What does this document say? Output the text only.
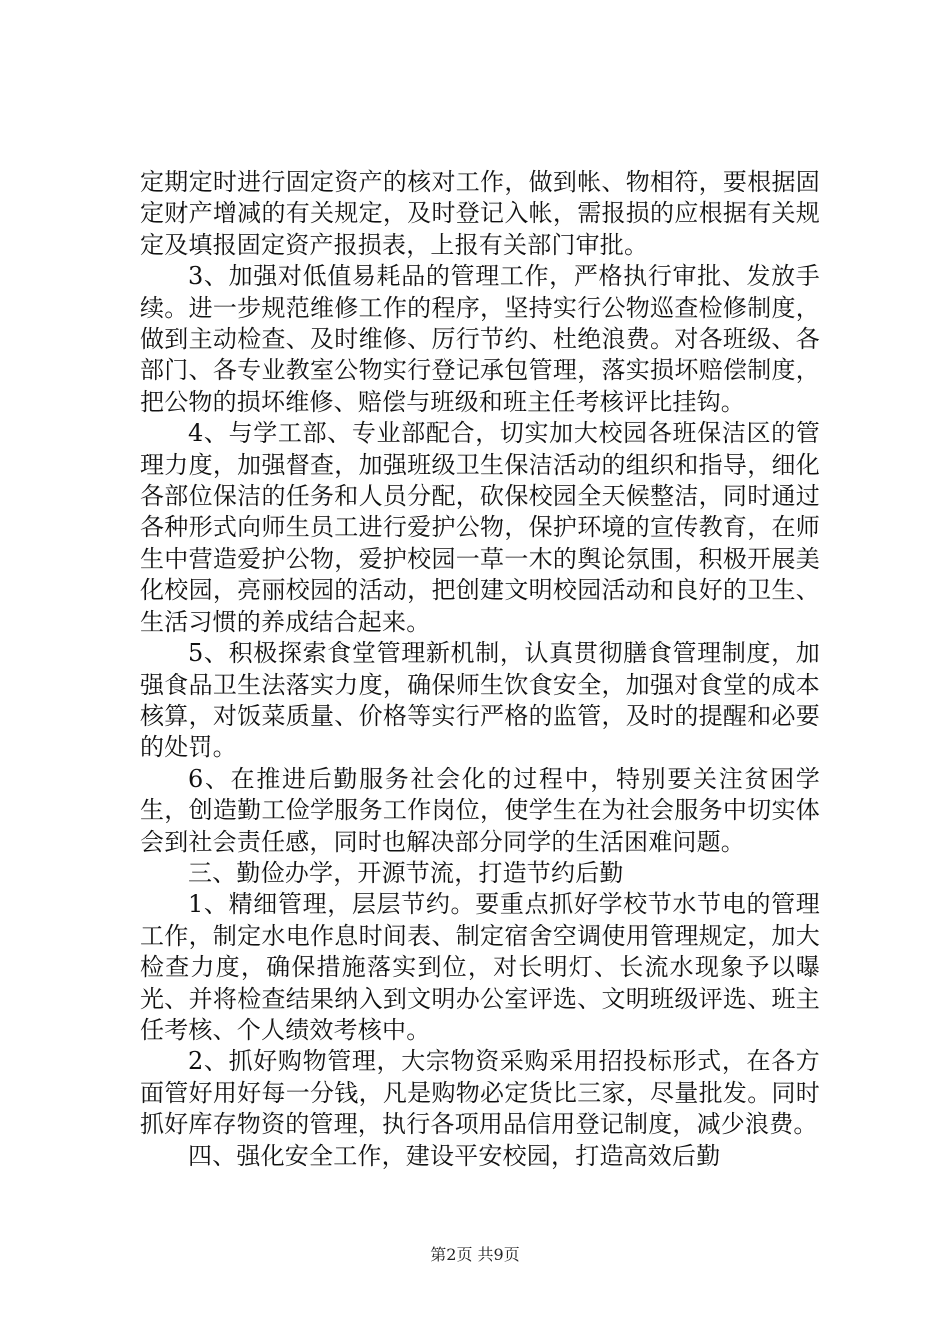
定期定时进行固定资产的核对工作，做到帐、物相符，要根据固定财产增减的有关规定，及时登记入帐，需报损的应根据有关规定及填报固定资产报损表，上报有关部门审批。

3、加强对低值易耗品的管理工作，严格执行审批、发放手续。进一步规范维修工作的程序，坚持实行公物巡查检修制度，做到主动检查、及时维修、厉行节约、杜绝浪费。对各班级、各部门、各专业教室公物实行登记承包管理，落实损坏赔偿制度，把公物的损坏维修、赔偿与班级和班主任考核评比挂钩。

4、与学工部、专业部配合，切实加大校园各班保洁区的管理力度，加强督查，加强班级卫生保洁活动的组织和指导，细化各部位保洁的任务和人员分配，砍保校园全天候整洁，同时通过各种形式向师生员工进行爱护公物，保护环境的宣传教育，在师生中营造爱护公物，爱护校园一草一木的舆论氛围，积极开展美化校园，亮丽校园的活动，把创建文明校园活动和良好的卫生、生活习惯的养成结合起来。

5、积极探索食堂管理新机制，认真贯彻膳食管理制度，加强食品卫生法落实力度，确保师生饮食安全，加强对食堂的成本核算，对饭菜质量、价格等实行严格的监管，及时的提醒和必要的处罚。

6、在推进后勤服务社会化的过程中，特别要关注贫困学生，创造勤工俭学服务工作岗位，使学生在为社会服务中切实体会到社会责任感，同时也解决部分同学的生活困难问题。

三、勤俭办学，开源节流，打造节约后勤

1、精细管理，层层节约。要重点抓好学校节水节电的管理工作，制定水电作息时间表、制定宿舍空调使用管理规定，加大检查力度，确保措施落实到位，对长明灯、长流水现象予以曝光、并将检查结果纳入到文明办公室评选、文明班级评选、班主任考核、个人绩效考核中。

2、抓好购物管理，大宗物资采购采用招投标形式，在各方面管好用好每一分钱，凡是购物必定货比三家，尽量批发。同时抓好库存物资的管理，执行各项用品信用登记制度，减少浪费。

四、强化安全工作，建设平安校园，打造高效后勤

第2页 共9页
